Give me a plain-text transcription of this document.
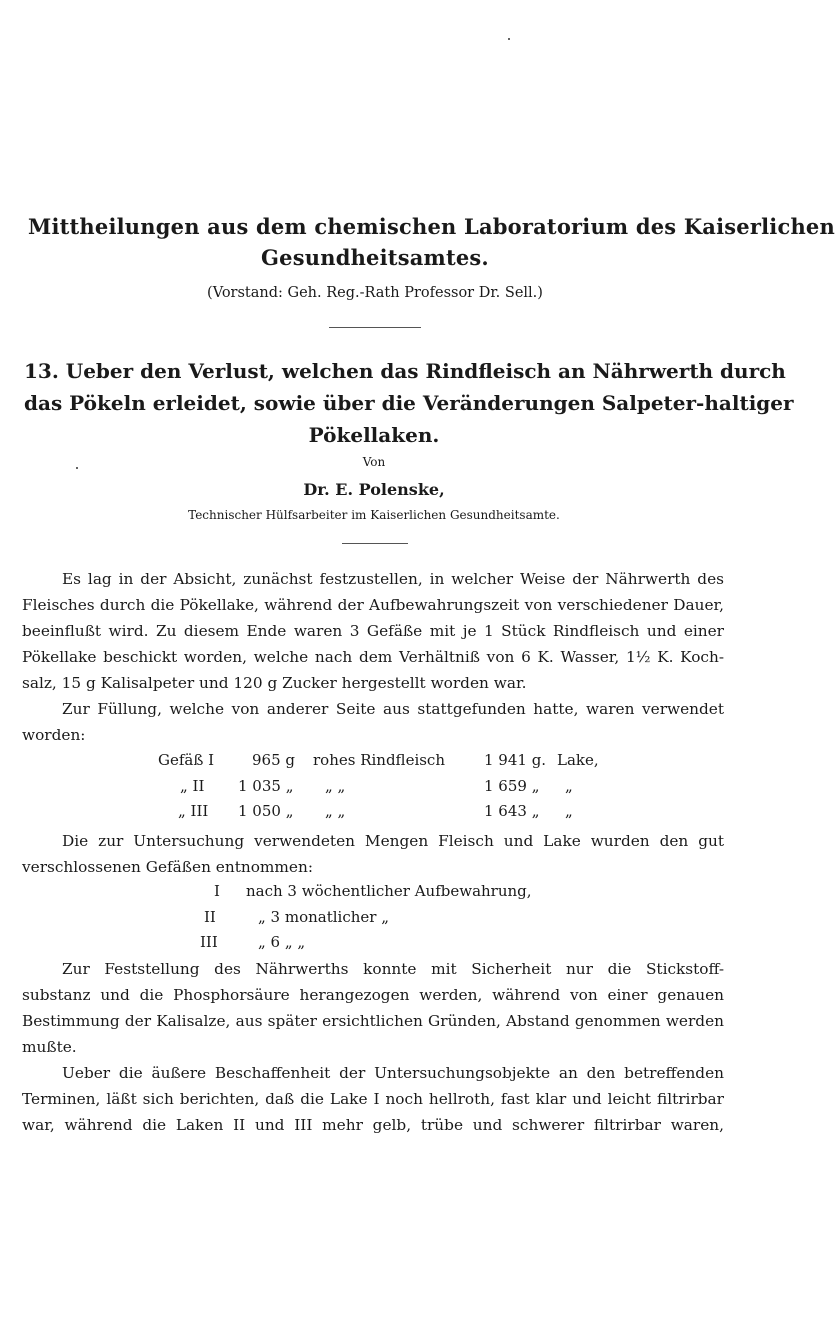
Mittheilungen aus dem chemischen Laboratorium des Kaiserlichen
Gesundheitsamtes.
(Vorstand: Geh. Reg.-Rath Professor Dr. Sell.)
13. Ueber den Verlust, welchen das Rindfleisch an Nährwerth durch
das Pökeln erleidet, sowie über die Veränderungen Salpeter-haltiger
Pökellaken.
Von
Dr. E. Polenske,
Technischer Hülfsarbeiter im Kaiserlichen Gesundheitsamte.
Es lag in der Absicht, zunächst festzustellen, in welcher Weise der Nährwerth des
Fleisches durch die Pökellake, während der Aufbewahrungszeit von verschiedener Dauer,
beeinflußt wird. Zu diesem Ende waren 3 Gefäße mit je 1 Stück Rindfleisch und einer
Pökellake beschickt worden, welche nach dem Verhältniß von 6 K. Wasser, 1½ K. Koch-
salz, 15 g Kalisalpeter und 120 g Zucker hergestellt worden war.
Zur Füllung, welche von anderer Seite aus stattgefunden hatte, waren verwendet
worden:
Gefäß I	965 g rohes Rindfleisch	1 941 g. Lake,
„ II 1 035 „ „ „	1 659 „ „
„ III 1 050 „ „ „	1 643 „ „
Die zur Untersuchung verwendeten Mengen Fleisch und Lake wurden den gut
verschlossenen Gefäßen entnommen:
I nach 3 wöchentlicher Aufbewahrung,
II	„ 3 monatlicher „
III	„ 6 „ „
Zur Feststellung des Nährwerths konnte mit Sicherheit nur die Stickstoff-
substanz und die Phosphorsäure herangezogen werden, während von einer genauen
Bestimmung der Kalisalze, aus später ersichtlichen Gründen, Abstand genommen werden
mußte.
Ueber die äußere Beschaffenheit der Untersuchungsobjekte an den betreffenden
Terminen, läßt sich berichten, daß die Lake I noch hellroth, fast klar und leicht filtrirbar
war, während die Laken II und III mehr gelb, trübe und schwerer filtrirbar waren,
